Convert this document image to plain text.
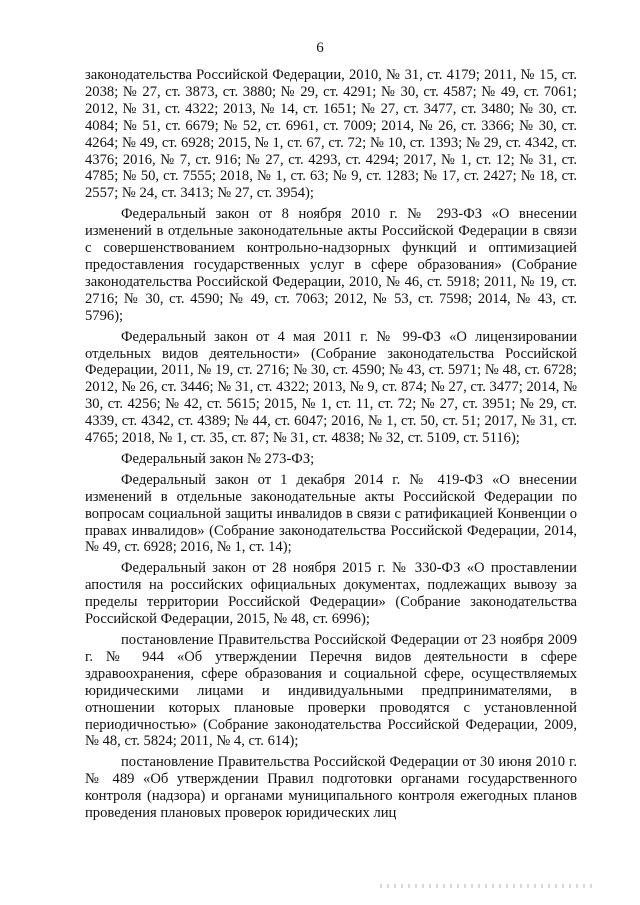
6

законодательства Российской Федерации, 2010, № 31, ст. 4179; 2011, № 15, ст. 2038; № 27, ст. 3873, ст. 3880; № 29, ст. 4291; № 30, ст. 4587; № 49, ст. 7061; 2012, № 31, ст. 4322; 2013, № 14, ст. 1651; № 27, ст. 3477, ст. 3480; № 30, ст. 4084; № 51, ст. 6679; № 52, ст. 6961, ст. 7009; 2014, № 26, ст. 3366; № 30, ст. 4264; № 49, ст. 6928; 2015, № 1, ст. 67, ст. 72; № 10, ст. 1393; № 29, ст. 4342, ст. 4376; 2016, № 7, ст. 916; № 27, ст. 4293, ст. 4294; 2017, № 1, ст. 12; № 31, ст. 4785; № 50, ст. 7555; 2018, № 1, ст. 63; № 9, ст. 1283; № 17, ст. 2427; № 18, ст. 2557; № 24, ст. 3413; № 27, ст. 3954);

Федеральный закон от 8 ноября 2010 г. № 293-ФЗ «О внесении изменений в отдельные законодательные акты Российской Федерации в связи с совершенствованием контрольно-надзорных функций и оптимизацией предоставления государственных услуг в сфере образования» (Собрание законодательства Российской Федерации, 2010, № 46, ст. 5918; 2011, № 19, ст. 2716; № 30, ст. 4590; № 49, ст. 7063; 2012, № 53, ст. 7598; 2014, № 43, ст. 5796);

Федеральный закон от 4 мая 2011 г. № 99-ФЗ «О лицензировании отдельных видов деятельности» (Собрание законодательства Российской Федерации, 2011, № 19, ст. 2716; № 30, ст. 4590; № 43, ст. 5971; № 48, ст. 6728; 2012, № 26, ст. 3446; № 31, ст. 4322; 2013, № 9, ст. 874; № 27, ст. 3477; 2014, № 30, ст. 4256; № 42, ст. 5615; 2015, № 1, ст. 11, ст. 72; № 27, ст. 3951; № 29, ст. 4339, ст. 4342, ст. 4389; № 44, ст. 6047; 2016, № 1, ст. 50, ст. 51; 2017, № 31, ст. 4765; 2018, № 1, ст. 35, ст. 87; № 31, ст. 4838; № 32, ст. 5109, ст. 5116);

Федеральный закон № 273-ФЗ;

Федеральный закон от 1 декабря 2014 г. № 419-ФЗ «О внесении изменений в отдельные законодательные акты Российской Федерации по вопросам социальной защиты инвалидов в связи с ратификацией Конвенции о правах инвалидов» (Собрание законодательства Российской Федерации, 2014, № 49, ст. 6928; 2016, № 1, ст. 14);

Федеральный закон от 28 ноября 2015 г. № 330-ФЗ «О проставлении апостиля на российских официальных документах, подлежащих вывозу за пределы территории Российской Федерации» (Собрание законодательства Российской Федерации, 2015, № 48, ст. 6996);

постановление Правительства Российской Федерации от 23 ноября 2009 г. № 944 «Об утверждении Перечня видов деятельности в сфере здравоохранения, сфере образования и социальной сфере, осуществляемых юридическими лицами и индивидуальными предпринимателями, в отношении которых плановые проверки проводятся с установленной периодичностью» (Собрание законодательства Российской Федерации, 2009, № 48, ст. 5824; 2011, № 4, ст. 614);

постановление Правительства Российской Федерации от 30 июня 2010 г. № 489 «Об утверждении Правил подготовки органами государственного контроля (надзора) и органами муниципального контроля ежегодных планов проведения плановых проверок юридических лиц
